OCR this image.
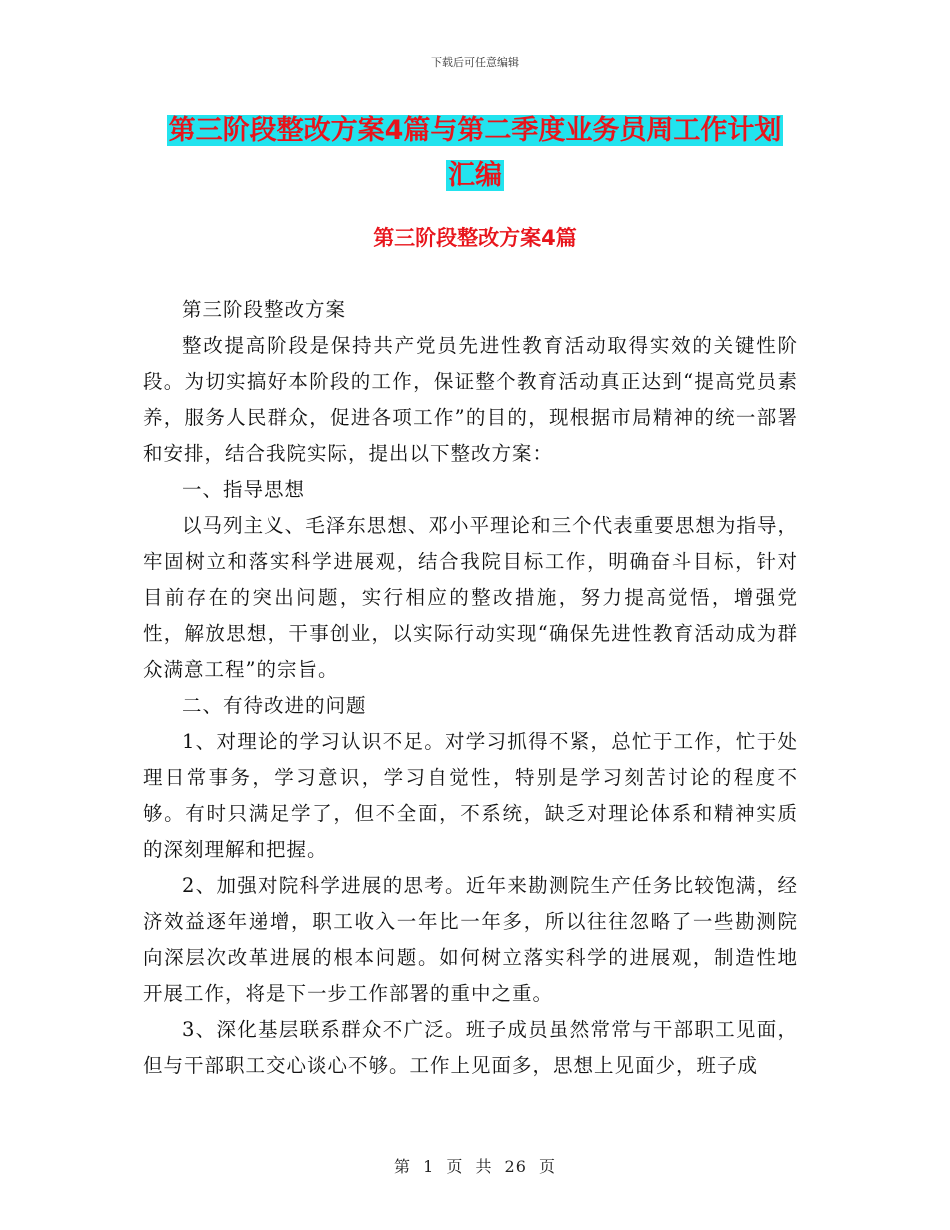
下载后可任意编辑
第三阶段整改方案4篇与第二季度业务员周工作计划
汇编
第三阶段整改方案4篇

第三阶段整改方案

整改提高阶段是保持共产党员先进性教育活动取得实效的关键性阶段。为切实搞好本阶段的工作，保证整个教育活动真正达到“提高党员素养，服务人民群众，促进各项工作”的目的，现根据市局精神的统一部署和安排，结合我院实际，提出以下整改方案：

一、指导思想

以马列主义、毛泽东思想、邓小平理论和三个代表重要思想为指导，牢固树立和落实科学进展观，结合我院目标工作，明确奋斗目标，针对目前存在的突出问题，实行相应的整改措施，努力提高觉悟，增强党性，解放思想，干事创业，以实际行动实现“确保先进性教育活动成为群众满意工程”的宗旨。

二、有待改进的问题

1、对理论的学习认识不足。对学习抓得不紧，总忙于工作，忙于处理日常事务，学习意识，学习自觉性，特别是学习刻苦讨论的程度不够。有时只满足学了，但不全面，不系统，缺乏对理论体系和精神实质的深刻理解和把握。

2、加强对院科学进展的思考。近年来勘测院生产任务比较饱满，经济效益逐年递增，职工收入一年比一年多，所以往往忽略了一些勘测院向深层次改革进展的根本问题。如何树立落实科学的进展观，制造性地开展工作，将是下一步工作部署的重中之重。

3、深化基层联系群众不广泛。班子成员虽然常常与干部职工见面，但与干部职工交心谈心不够。工作上见面多，思想上见面少，班子成

第 1 页 共 26 页
